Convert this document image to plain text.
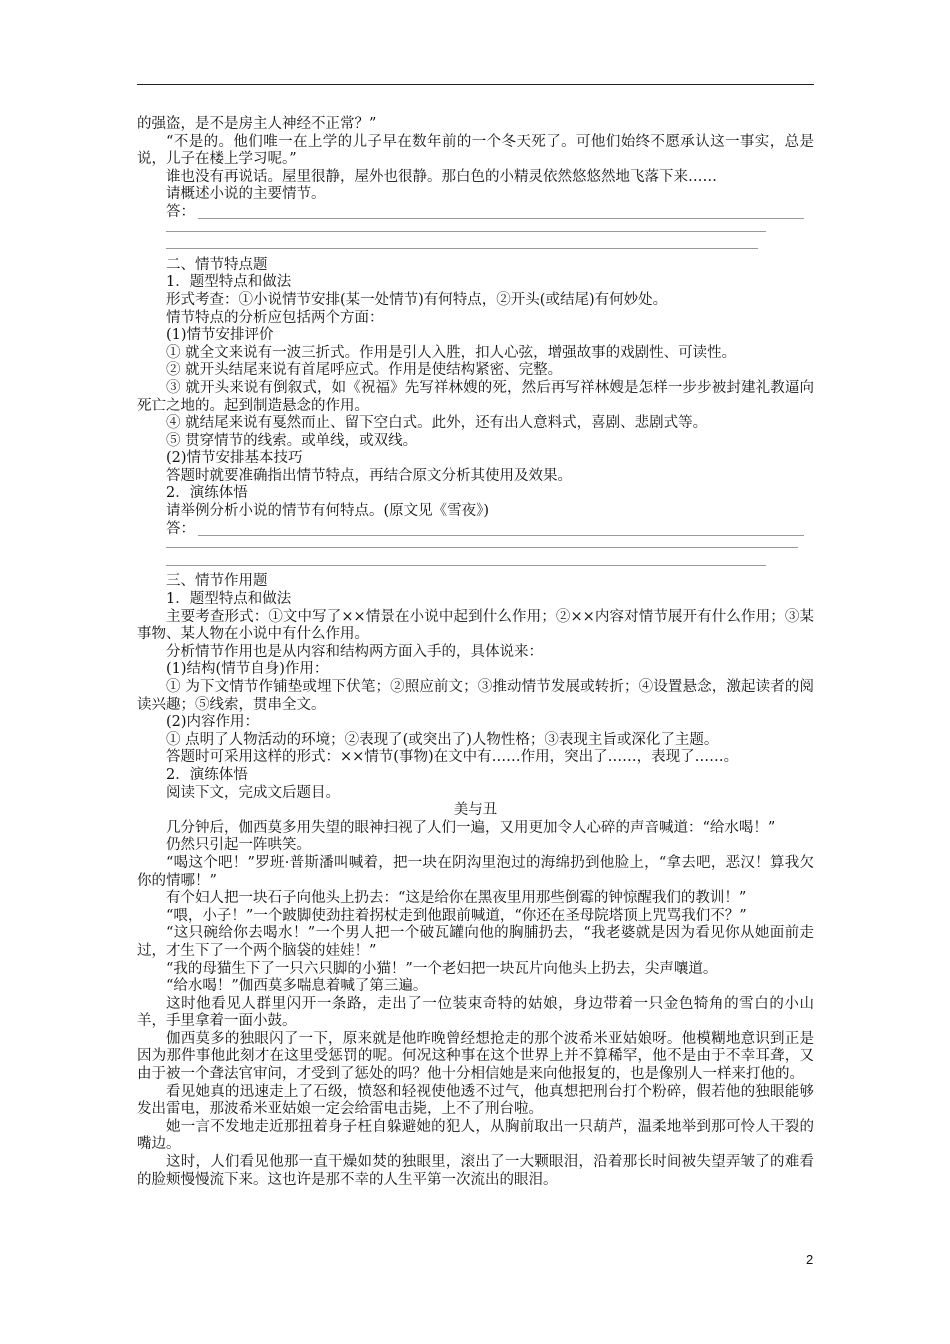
的强盗，是不是房主人神经不正常？”

“不是的。他们唯一在上学的儿子早在数年前的一个冬天死了。可他们始终不愿承认这一事实，总是说，儿子在楼上学习呢。”

谁也没有再说话。屋里很静，屋外也很静。那白色的小精灵依然悠悠然地飞落下来……

请概述小说的主要情节。

答：

二、情节特点题

1．题型特点和做法

形式考查：①小说情节安排(某一处情节)有何特点，②开头(或结尾)有何妙处。

情节特点的分析应包括两个方面：

(1)情节安排评价

① 就全文来说有一波三折式。作用是引人入胜，扣人心弦，增强故事的戏剧性、可读性。

② 就开头结尾来说有首尾呼应式。作用是使结构紧密、完整。

③ 就开头来说有倒叙式，如《祝福》先写祥林嫂的死，然后再写祥林嫂是怎样一步步被封建礼教逼向死亡之地的。起到制造悬念的作用。

④ 就结尾来说有戛然而止、留下空白式。此外，还有出人意料式，喜剧、悲剧式等。

⑤ 贯穿情节的线索。或单线，或双线。

(2)情节安排基本技巧

答题时就要准确指出情节特点，再结合原文分析其使用及效果。

2．演练体悟

请举例分析小说的情节有何特点。(原文见《雪夜》)

答：

三、情节作用题

1．题型特点和做法

主要考查形式：①文中写了××情景在小说中起到什么作用；②××内容对情节展开有什么作用；③某事物、某人物在小说中有什么作用。

分析情节作用也是从内容和结构两方面入手的，具体说来：

(1)结构(情节自身)作用：

① 为下文情节作铺垫或埋下伏笔；②照应前文；③推动情节发展或转折；④设置悬念，激起读者的阅读兴趣；⑤线索，贯串全文。

(2)内容作用：

① 点明了人物活动的环境；②表现了(或突出了)人物性格；③表现主旨或深化了主题。

答题时可采用这样的形式：××情节(事物)在文中有……作用，突出了……，表现了……。

2．演练体悟

阅读下文，完成文后题目。

美与丑

几分钟后，伽西莫多用失望的眼神扫视了人们一遍，又用更加令人心碎的声音喊道：“给水喝！”

仍然只引起一阵哄笑。

“喝这个吧！”罗班·普斯潘叫喊着，把一块在阴沟里泡过的海绵扔到他脸上，“拿去吧，恶汉！算我欠你的情哪！”

有个妇人把一块石子向他头上扔去：“这是给你在黑夜里用那些倒霉的钟惊醒我们的教训！”

“喂，小子！”一个跛脚使劲拄着拐杖走到他跟前喊道，“你还在圣母院塔顶上咒骂我们不？”

“这只碗给你去喝水！”一个男人把一个破瓦罐向他的胸脯扔去，“我老婆就是因为看见你从她面前走过，才生下了一个两个脑袋的娃娃！”

“我的母猫生下了一只六只脚的小猫！”一个老妇把一块瓦片向他头上扔去，尖声嚷道。

“给水喝！”伽西莫多喘息着喊了第三遍。

这时他看见人群里闪开一条路，走出了一位装束奇特的姑娘，身边带着一只金色犄角的雪白的小山羊，手里拿着一面小鼓。

伽西莫多的独眼闪了一下，原来就是他昨晚曾经想抢走的那个波希米亚姑娘呀。他模糊地意识到正是因为那件事他此刻才在这里受惩罚的呢。何况这种事在这个世界上并不算稀罕，他不是由于不幸耳聋，又由于被一个聋法官审问，才受到了惩处的吗？他十分相信她是来向他报复的，也是像别人一样来打他的。

看见她真的迅速走上了石级，愤怒和轻视使他透不过气，他真想把刑台打个粉碎，假若他的独眼能够发出雷电，那波希米亚姑娘一定会给雷电击毙，上不了刑台啦。

她一言不发地走近那扭着身子枉自躲避她的犯人，从胸前取出一只葫芦，温柔地举到那可怜人干裂的嘴边。

这时，人们看见他那一直干燥如焚的独眼里，滚出了一大颗眼泪，沿着那长时间被失望弄皱了的难看的脸颊慢慢流下来。这也许是那不幸的人生平第一次流出的眼泪。

2
